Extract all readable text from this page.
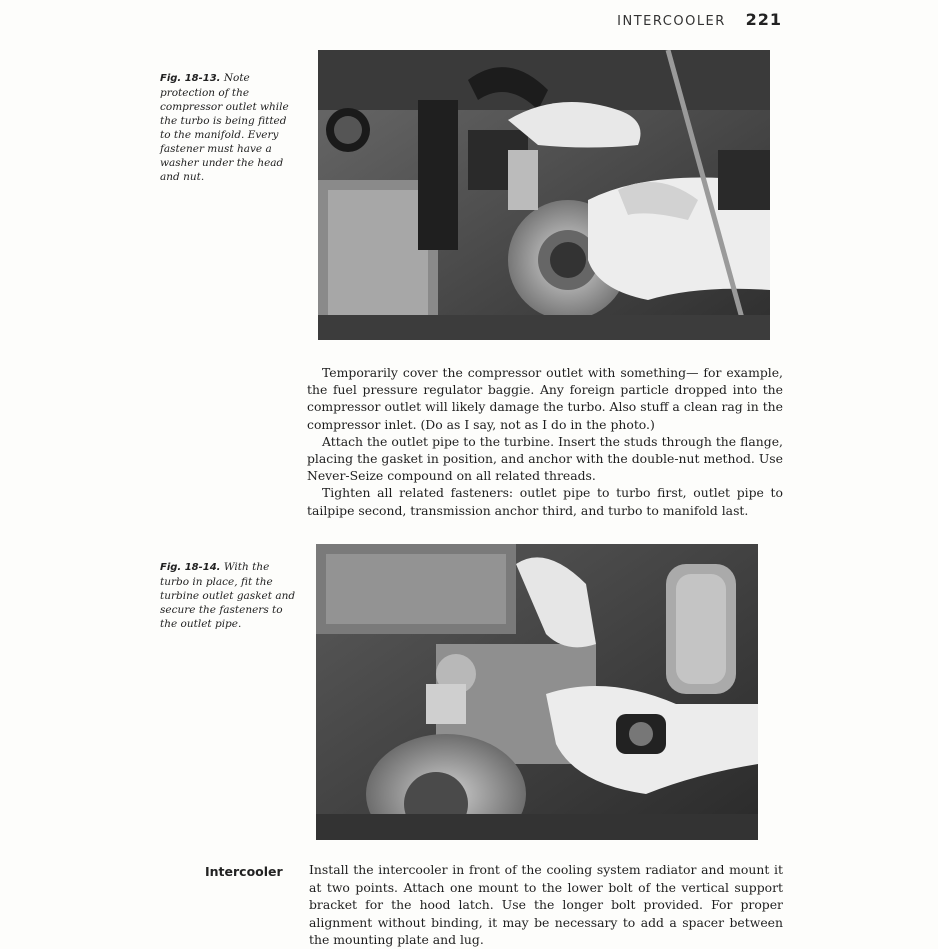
INTERCOOLER 221
Fig. 18-13. Note protection of the compressor outlet while the turbo is being fitted to the manifold. Every fastener must have a washer under the head and nut.

Temporarily cover the compressor outlet with something— for example, the fuel pressure regulator baggie. Any foreign particle dropped into the compressor outlet will likely damage the turbo. Also stuff a clean rag in the compressor inlet. (Do as I say, not as I do in the photo.)

Attach the outlet pipe to the turbine. Insert the studs through the flange, placing the gasket in position, and anchor with the double-nut method. Use Never-Seize compound on all related threads.

Tighten all related fasteners: outlet pipe to turbo first, outlet pipe to tailpipe second, transmission anchor third, and turbo to manifold last.

Fig. 18-14. With the turbo in place, fit the turbine outlet gasket and secure the fasteners to the outlet pipe.
Intercooler Install the intercooler in front of the cooling system radiator and mount it at two points. Attach one mount to the lower bolt of the vertical support bracket for the hood latch. Use the longer bolt provided. For proper alignment without binding, it may be necessary to add a spacer between the mounting plate and lug.
